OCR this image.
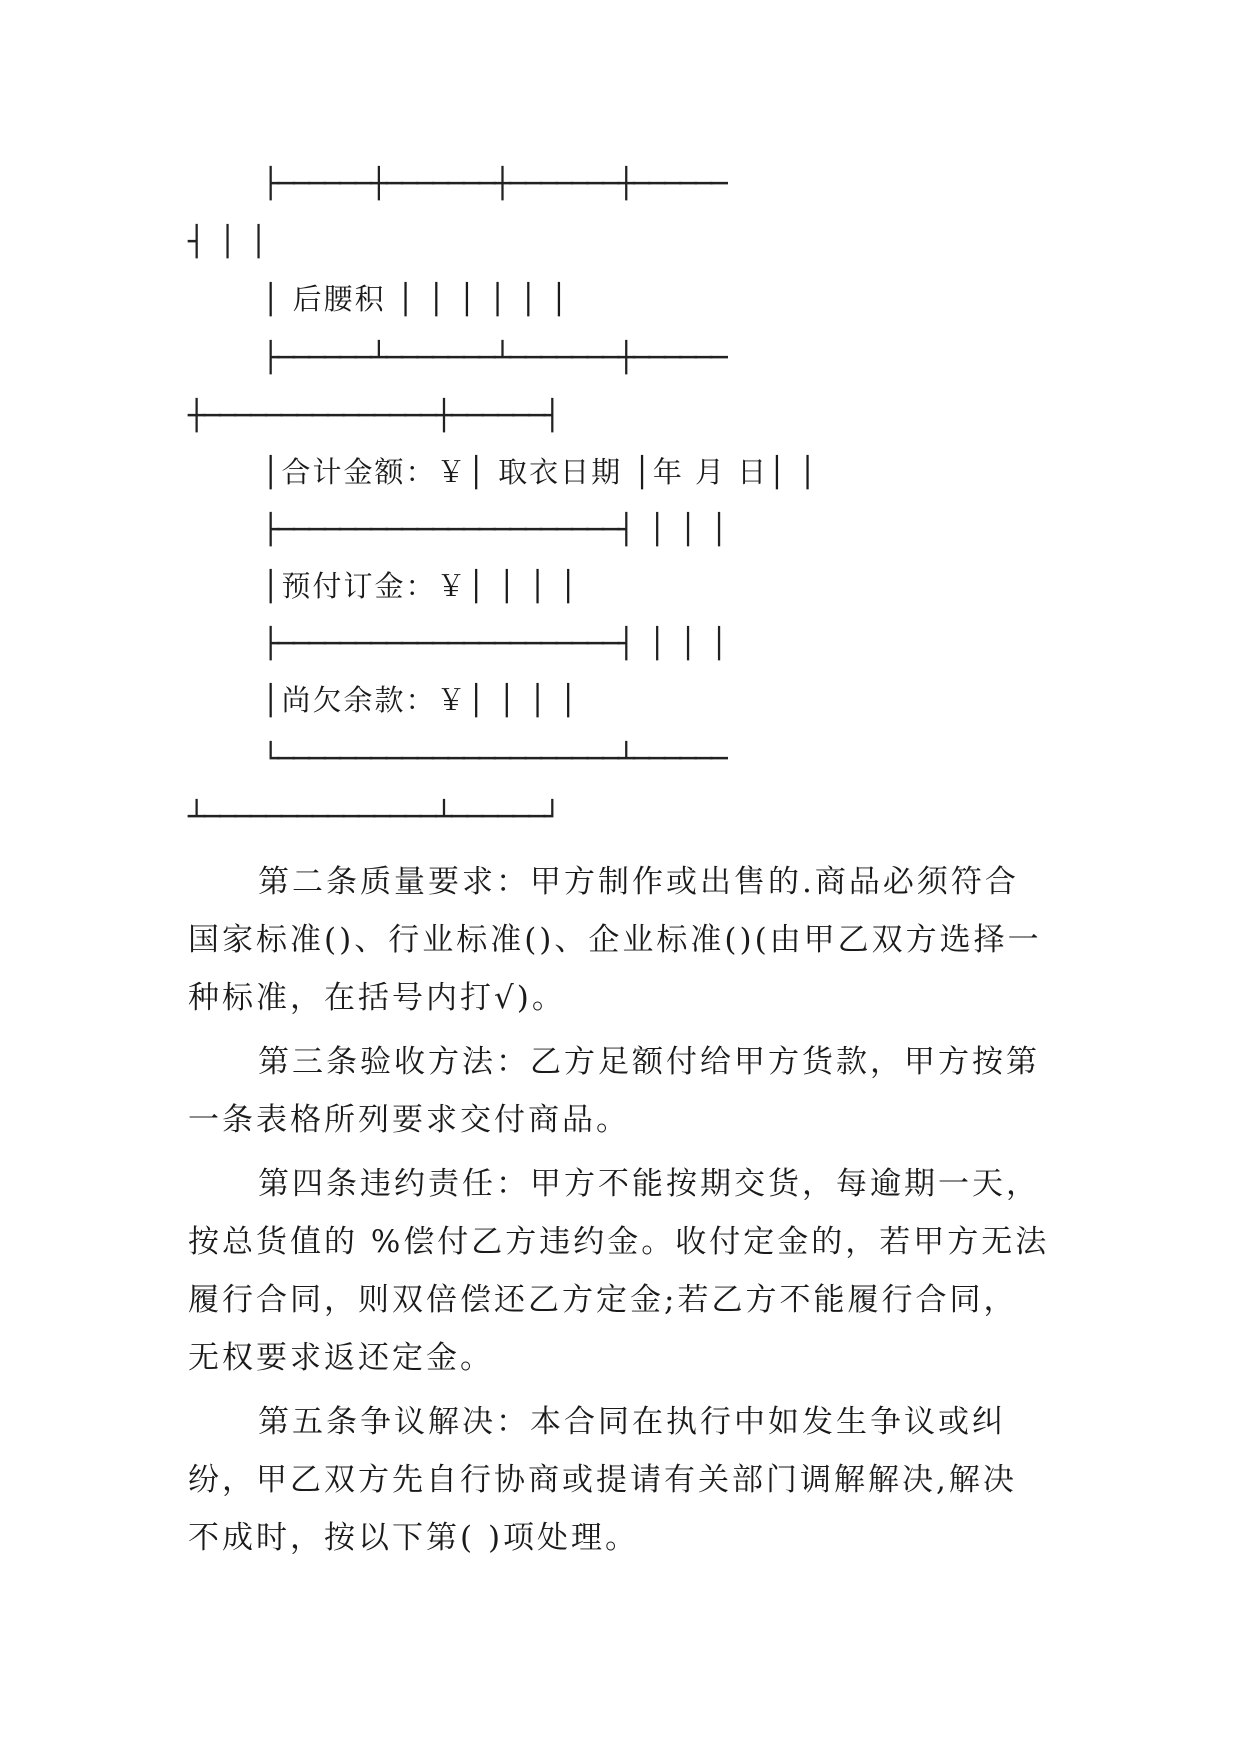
├──────┼───────┼───────┼──────
┤ │ │
│ 后腰积 │ │ │ │ │ │
├──────┴───────┴───────┼──────
┼───────────────┼──────┤
│合计金额：￥│ 取衣日期 │年 月 日│ │
├──────────────────────┤ │ │ │
│预付订金：￥│ │ │ │
├──────────────────────┤ │ │ │
│尚欠余款：￥│ │ │ │
└──────────────────────┴──────
┴───────────────┴──────┘

第二条质量要求：甲方制作或出售的.商品必须符合国家标准()、行业标准()、企业标准()(由甲乙双方选择一种标准，在括号内打√)。

第三条验收方法：乙方足额付给甲方货款，甲方按第一条表格所列要求交付商品。

第四条违约责任：甲方不能按期交货，每逾期一天，按总货值的 %偿付乙方违约金。收付定金的，若甲方无法履行合同，则双倍偿还乙方定金;若乙方不能履行合同，无权要求返还定金。

第五条争议解决：本合同在执行中如发生争议或纠纷，甲乙双方先自行协商或提请有关部门调解解决,解决不成时，按以下第( )项处理。
